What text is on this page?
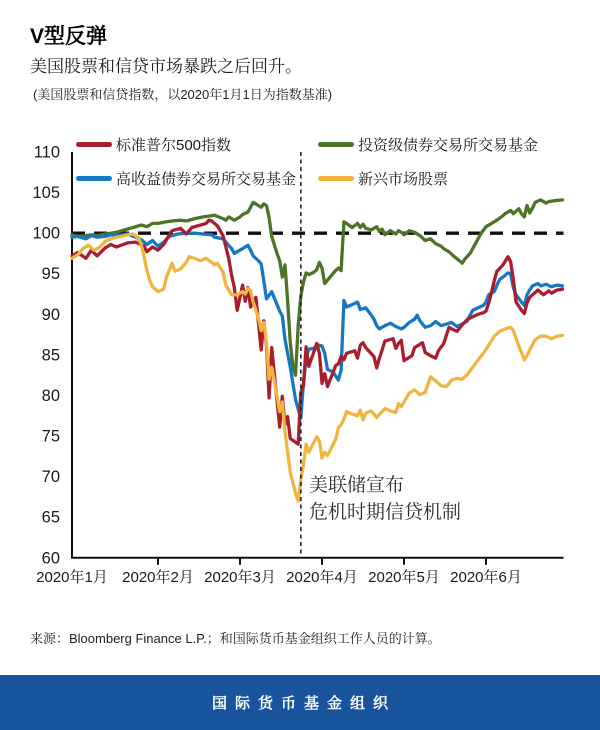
110
105
100
95
90
85
80
75
70
65
60
2020年1月 2020年2月 2020年3月 2020年4月 2020年5月 2020年6月
V型反弹
美国股票和信贷市场暴跌之后回升。
(美国股票和信贷指数，以2020年1月1日为指数基准)
标准普尔500指数	投资级债券交易所交易基金
高收益债券交易所交易基金	新兴市场股票
美联储宣布
危机时期信贷机制
来源：Bloomberg Finance L.P.；和国际货币基金组织工作人员的计算。
国际货币基金组织
